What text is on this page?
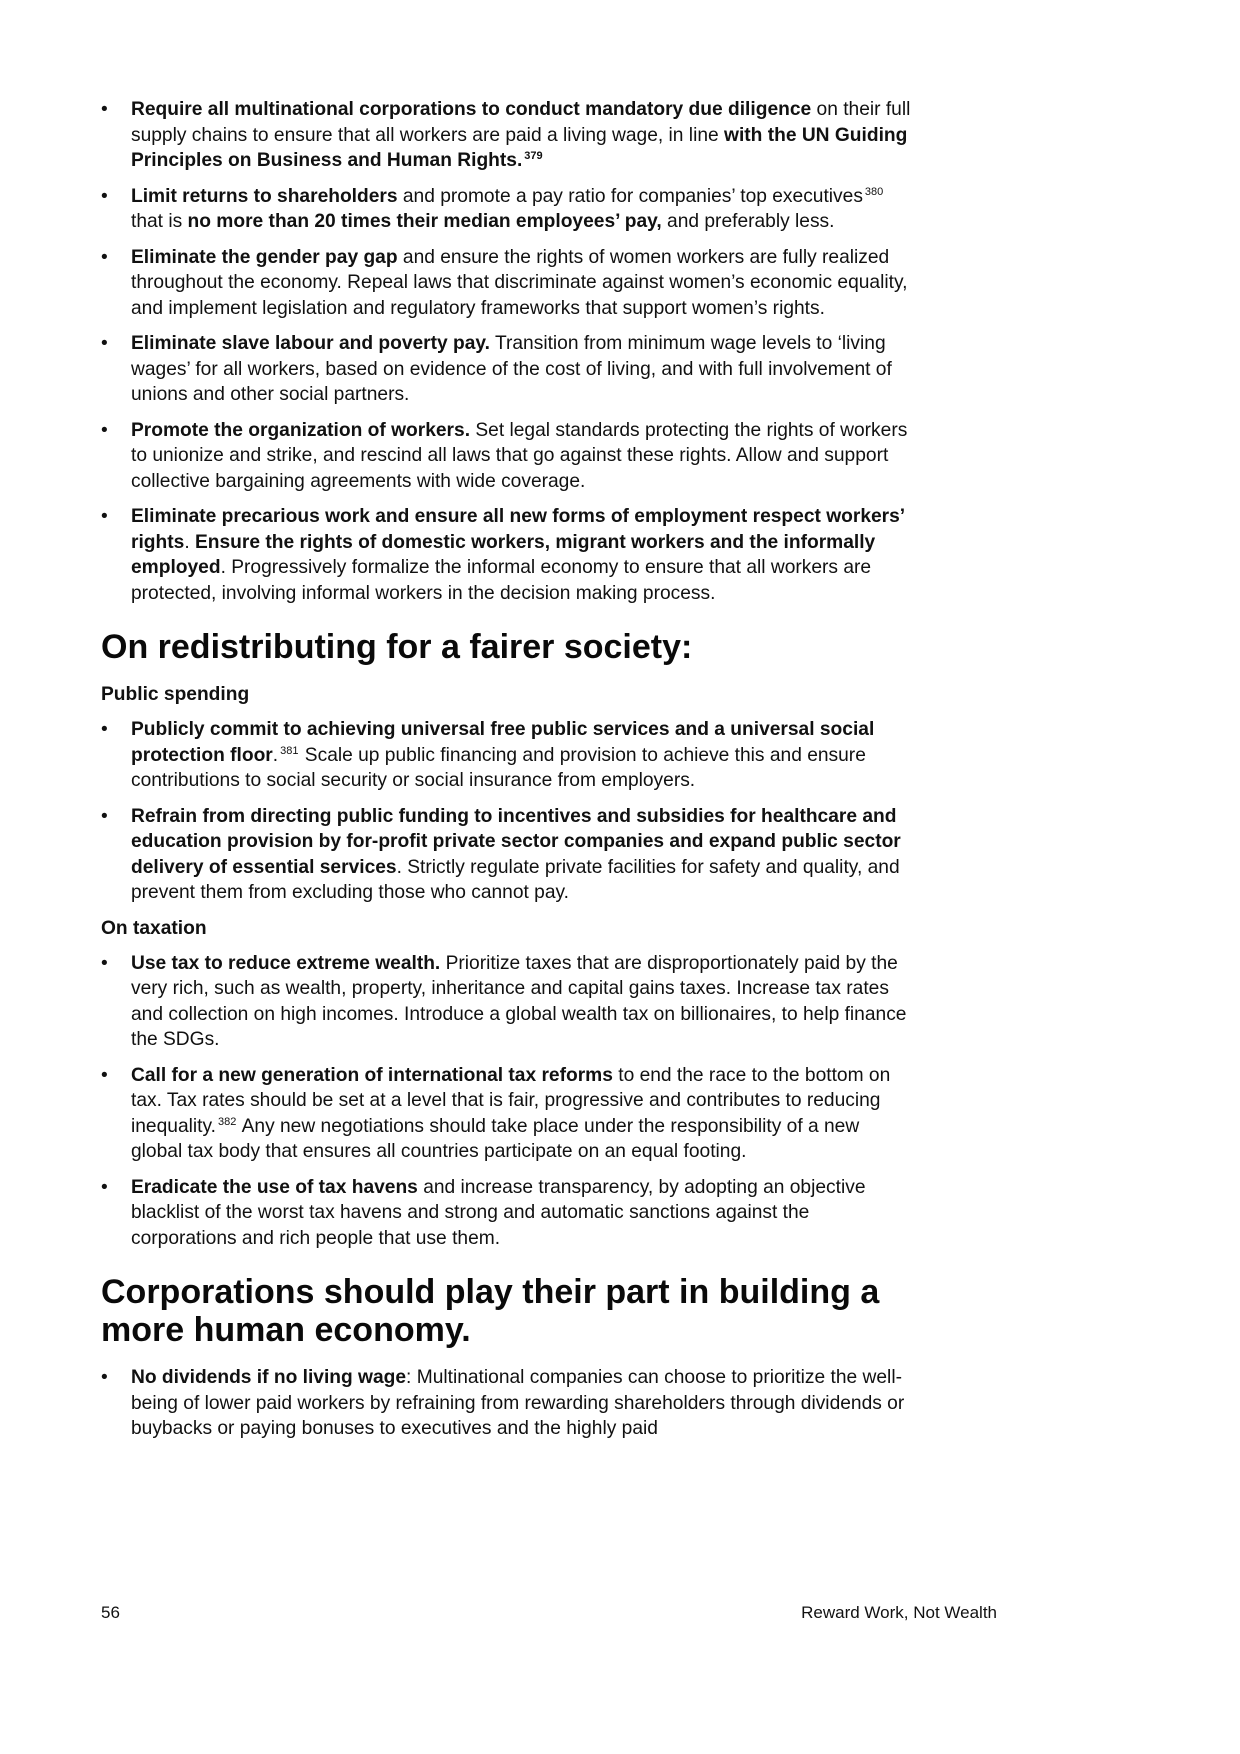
• Require all multinational corporations to conduct mandatory due diligence on their full supply chains to ensure that all workers are paid a living wage, in line with the UN Guiding Principles on Business and Human Rights. $^{379}$
• Limit returns to shareholders and promote a pay ratio for companies’ top executives $^{380}$ that is no more than 20 times their median employees’ pay, and preferably less.
• Eliminate the gender pay gap and ensure the rights of women workers are fully realized throughout the economy. Repeal laws that discriminate against women’s economic equality, and implement legislation and regulatory frameworks that support women’s rights.
• Eliminate slave labour and poverty pay. Transition from minimum wage levels to ‘living wages’ for all workers, based on evidence of the cost of living, and with full involvement of unions and other social partners.
• Promote the organization of workers. Set legal standards protecting the rights of workers to unionize and strike, and rescind all laws that go against these rights. Allow and support collective bargaining agreements with wide coverage.
• Eliminate precarious work and ensure all new forms of employment respect workers’ rights. Ensure the rights of domestic workers, migrant workers and the informally employed. Progressively formalize the informal economy to ensure that all workers are protected, involving informal workers in the decision making process.
On redistributing for a fairer society:
Public spending
• Publicly commit to achieving universal free public services and a universal social protection floor. $^{381}$ Scale up public financing and provision to achieve this and ensure contributions to social security or social insurance from employers.
• Refrain from directing public funding to incentives and subsidies for healthcare and education provision by for-profit private sector companies and expand public sector delivery of essential services. Strictly regulate private facilities for safety and quality, and prevent them from excluding those who cannot pay.
On taxation
• Use tax to reduce extreme wealth. Prioritize taxes that are disproportionately paid by the very rich, such as wealth, property, inheritance and capital gains taxes. Increase tax rates and collection on high incomes. Introduce a global wealth tax on billionaires, to help finance the SDGs.
• Call for a new generation of international tax reforms to end the race to the bottom on tax. Tax rates should be set at a level that is fair, progressive and contributes to reducing inequality. $^{382}$ Any new negotiations should take place under the responsibility of a new global tax body that ensures all countries participate on an equal footing.
• Eradicate the use of tax havens and increase transparency, by adopting an objective blacklist of the worst tax havens and strong and automatic sanctions against the corporations and rich people that use them.
Corporations should play their part in building a more human economy.
• No dividends if no living wage: Multinational companies can choose to prioritize the well-being of lower paid workers by refraining from rewarding shareholders through dividends or buybacks or paying bonuses to executives and the highly paid
56	Reward Work, Not Wealth
